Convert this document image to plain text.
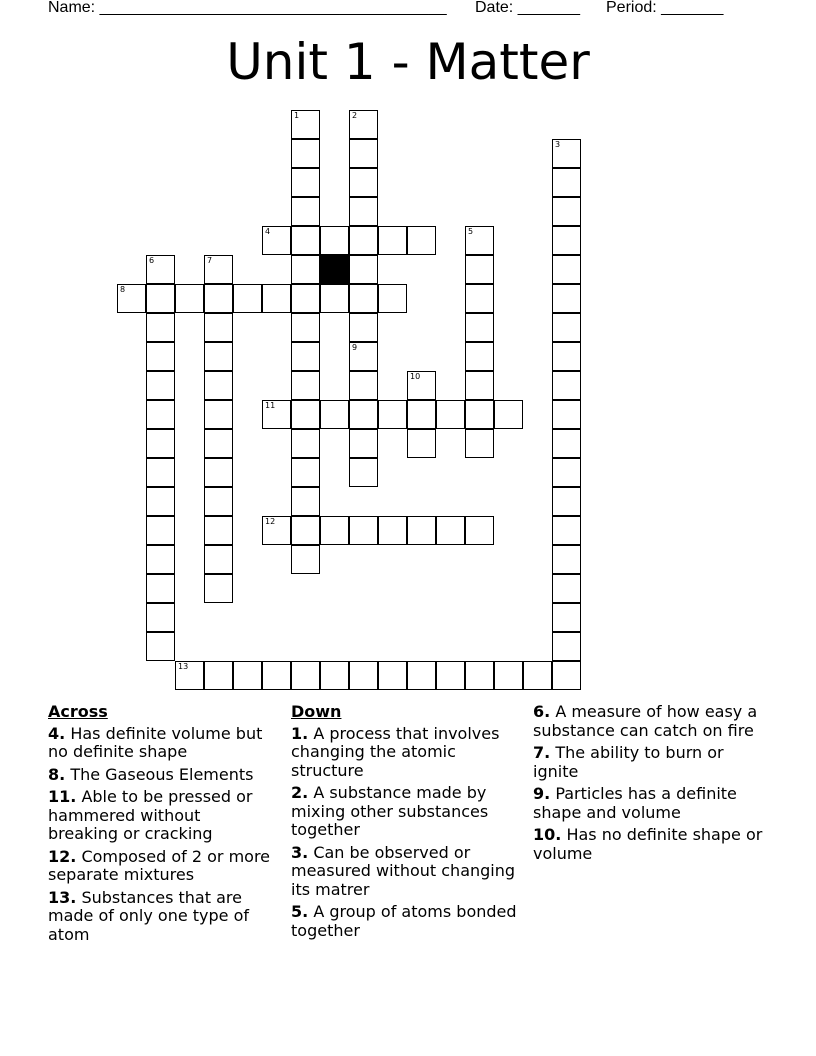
Name: _______________________________________ Date: _______ Period: _______
Unit 1 - Matter
1	2
9
3
4	5
6	7
8
10
11
12
13
Across
4. Has definite volume but no definite shape
8. The Gaseous Elements
11. Able to be pressed or hammered without breaking or cracking
12. Composed of 2 or more separate mixtures
13. Substances that are made of only one type of atom
Down
1. A process that involves changing the atomic structure
2. A substance made by mixing other substances together
3. Can be observed or measured without changing its matrer
5. A group of atoms bonded together
6. A measure of how easy a substance can catch on fire
7. The ability to burn or ignite
9. Particles has a definite shape and volume
10. Has no definite shape or volume
